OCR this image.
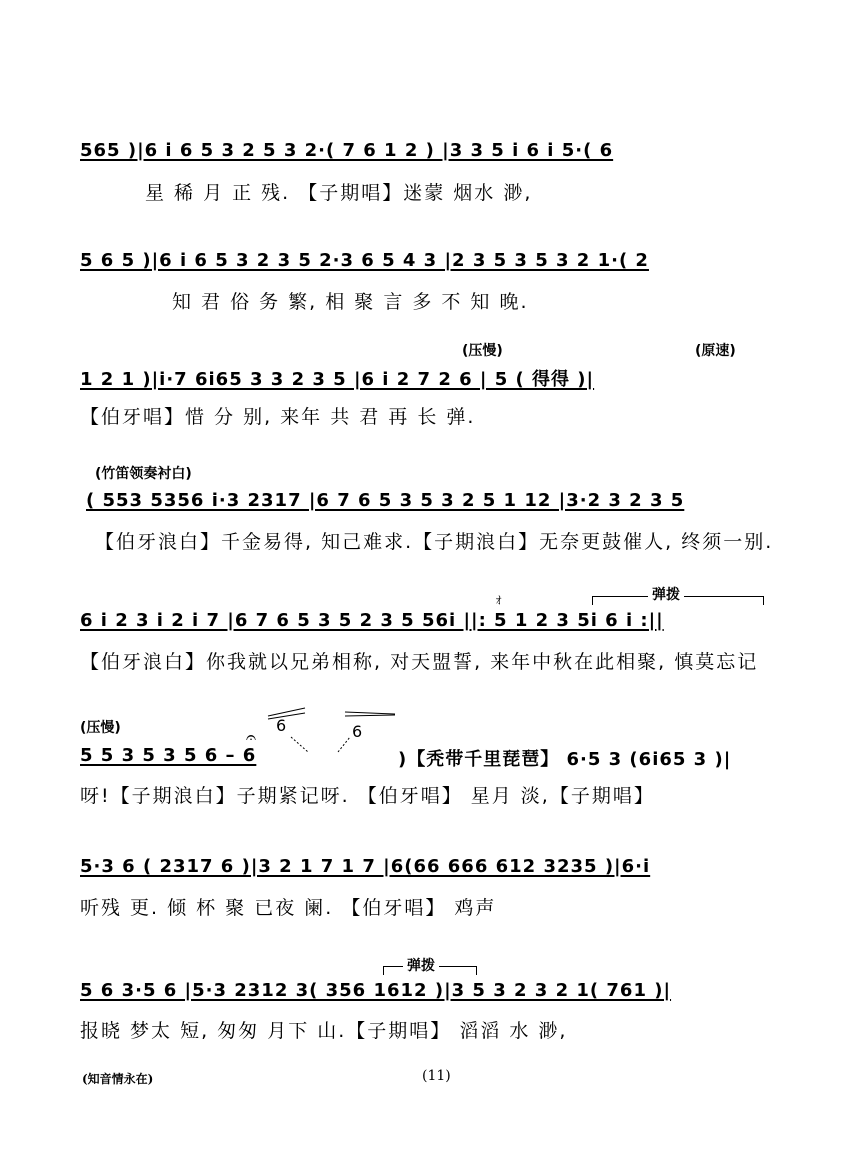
565 )|6 i 6 5 3 2 5 3 2·( 7 6 1 2 ) |3 3 5 i 6 i 5·( 6
星 稀 月 正 残. 【子期唱】迷蒙 烟水 渺,
5 6 5 )|6 i 6 5 3 2 3 5 2·3 6 5 4 3 |2 3 5 3 5 3 2 1·( 2
知 君 俗 务 繁, 相 聚 言 多 不 知 晚.
(压慢)	(原速)
1 2 1 )|i·7 6i65 3 3 2 3 5 |6 i 2 7 2 6 | 5 ( 得得 )|
【伯牙唱】惜 分 别, 来年 共 君 再 长 弹.
(竹笛领奏衬白)
( 553 5356 i·3 2317 |6 7 6 5 3 5 3 2 5 1 12 |3·2 3 2 3 5
【伯牙浪白】千金易得, 知己难求.【子期浪白】无奈更鼓催人, 终须一别.
弹拨
ｵ
6 i 2 3 i 2 i 7 |6 7 6 5 3 5 2 3 5 56i ||: 5 1 2 3 5i 6 i :||
【伯牙浪白】你我就以兄弟相称, 对天盟誓, 来年中秋在此相聚, 慎莫忘记
(压慢)	6	6
𝄐
5 5 3 5 3 5 6 – 6	)【秃带千里琵琶】 6·5 3 (6i65 3 )|
呀!【子期浪白】子期紧记呀. 【伯牙唱】 星月 淡,【子期唱】
5·3 6 ( 2317 6 )|3 2 1 7 1 7 |6(66 666 612 3235 )|6·i
听残 更. 倾 杯 聚 已夜 阑. 【伯牙唱】 鸡声
弹拨
5 6 3·5 6 |5·3 2312 3( 356 1612 )|3 5 3 2 3 2 1( 761 )|
报晓 梦太 短, 匆匆 月下 山.【子期唱】 滔滔 水 渺,
(知音情永在)	(11)
